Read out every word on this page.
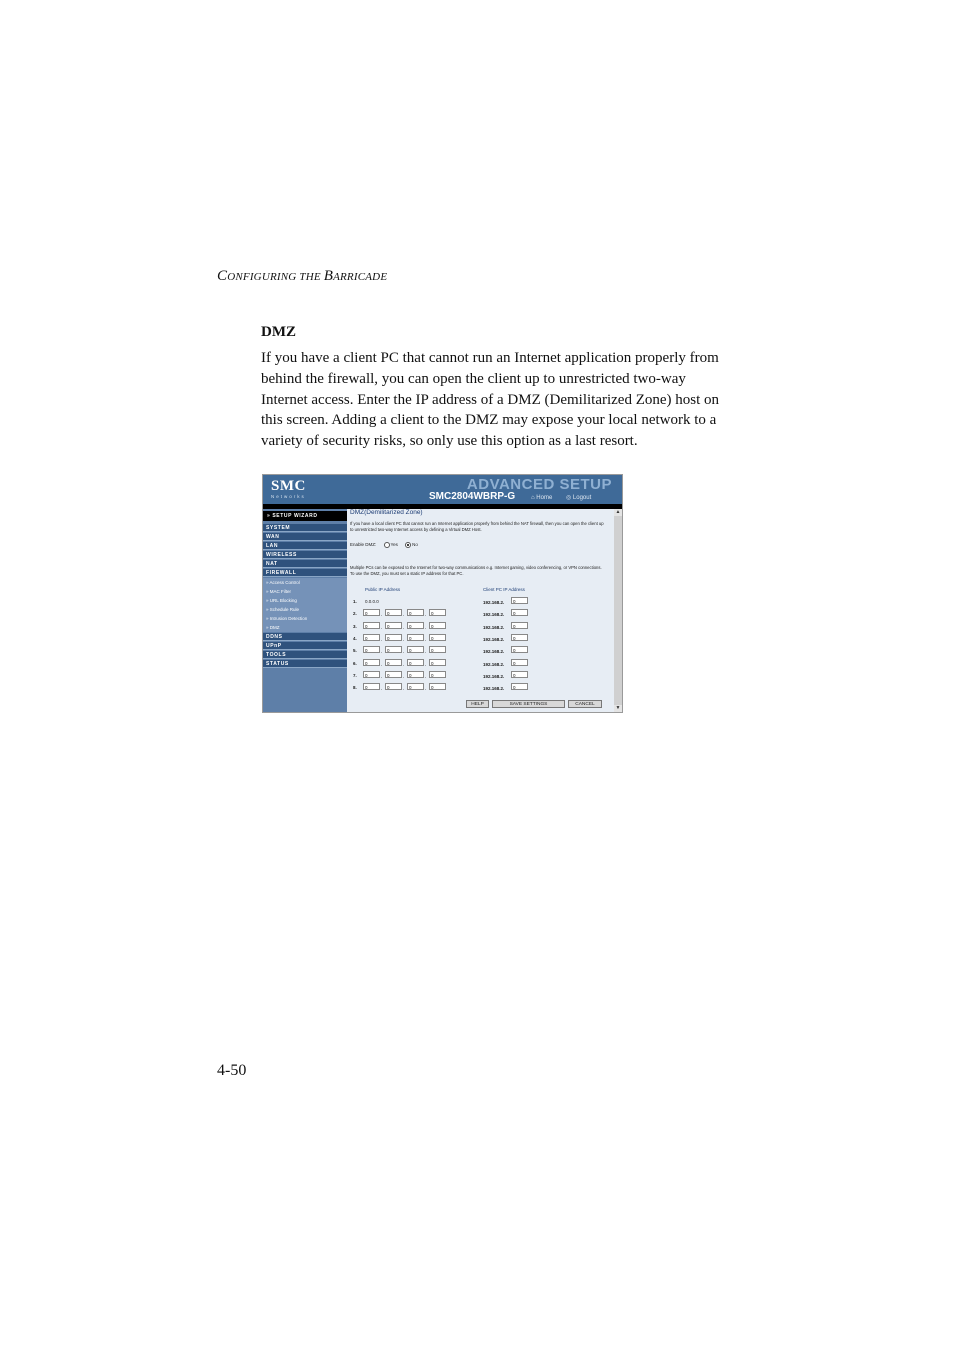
CONFIGURING THE BARRICADE
DMZ
If you have a client PC that cannot run an Internet application properly from behind the firewall, you can open the client up to unrestricted two-way Internet access. Enter the IP address of a DMZ (Demilitarized Zone) host on this screen. Adding a client to the DMZ may expose your local network to a variety of security risks, so only use this option as a last resort.
SMC
Networks
ADVANCED SETUP
SMC2804WBRP-G	⌂ Home ◎ Logout
» SETUP WIZARD
SYSTEM
WAN
LAN
WIRELESS
NAT
FIREWALL
» Access Control
» MAC Filter
» URL Blocking
» Schedule Rule
» Intrusion Detection
» DMZ
DDNS
UPnP
TOOLS
STATUS
DMZ(Demilitarized Zone)
If you have a local client PC that cannot run an Internet application properly from behind the NAT firewall, then you can open the client up to unrestricted two-way Internet access by defining a Virtual DMZ Host.
Enable DMZ:	Yes	No
Multiple PCs can be exposed to the Internet for two-way communications e.g. Internet gaming, video conferencing, or VPN connections. To use the DMZ, you must set a static IP address for that PC.
Public IP Address	Client PC IP Address
1. 0.0.0.0	192.168.2.	0
2.	0	.	0	.	0	.	0	192.168.2.	0
3.	0	.	0	.	0	.	0	192.168.2.	0
4.	0	.	0	.	0	.	0	192.168.2.	0
5.	0	.	0	.	0	.	0	192.168.2.	0
6.	0	.	0	.	0	.	0	192.168.2.	0
7.	0	.	0	.	0	.	0	192.168.2.	0
8.	0	.	0	.	0	.	0	192.168.2.	0
▲
▼
HELP	SAVE SETTINGS	CANCEL
4-50
